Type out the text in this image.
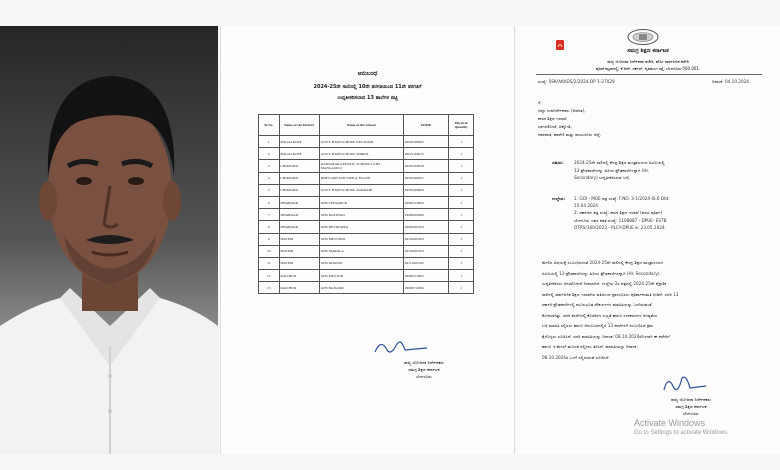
ಅನುಬಂಧ
2024-25ನೇ ಸಾಲಿನಲ್ಲಿ 10ನೇ ತರಗತಿಯಿಂದ 11ನೇ ತರಗತಿಗೆ
ಉನ್ನತೀಕರಿಸಲಾದ 13 ಶಾಲೆಗಳ ಪಟ್ಟಿ
Sl.No.	Name of the District	Name of the School	UDISE	Physical Quantity
1	BAGALKOTE	GOVT. HIGH SCHOOL KELAVADI	29020108202	1
2	BAGALKOTE	GOVT. HIGH SCHOOL SHIROL	29021103015	1
3	CHIKKODI	KARNATAKA PUBLIC SCHOOLS GHS MANGASULI	29301300918	1
4	CHIKKODI	KHPS AND GHS SIMLA TIGADI	29301406101	1
5	CHIKKODI	GOVT. HIGH SCHOOL AWARADI	29301408404	1
6	DHARWAD	GHS VEERAPUR	29090110002	1
7	DHARWAD	GHS KOLIWAD	29090202606	1
8	DHARWAD	GHS DEVIKOPPA	29090302103	1
9	HAVERI	GHS MEVUNDI	29110603103	1
10	HAVERI	GHS MAROLA	29110605103	1
11	HAVERI	GHS KHANGI	29111603102	1
12	RAICHUR	GHS MUSTUR	29060112802	1
13	RAICHUR	GHS BAJGODI	29060712004	1
ರಾಜ್ಯ ಯೋಜನಾ ನಿರ್ದೇಶಕರು
ಸಮಗ್ರ ಶಿಕ್ಷಣ ಕರ್ನಾಟಕ
ಬೆಂಗಳೂರು
ಸಮಗ್ರ ಶಿಕ್ಷಣ ಕರ್ನಾಟಕ
ರಾಜ್ಯ ಯೋಜನಾ ನಿರ್ದೇಶಕರ ಕಚೇರಿ, ಹೊಸ ಸಾರ್ವಜನಿಕ ಕಚೇರಿ
ಪೂರಕ ಕಟ್ಟಡದಲ್ಲಿ, ಕೆ.ಆರ್. ಸರ್ಕಲ್, ನೃಪತುಂಗ ರಸ್ತೆ, ಬೆಂಗಳೂರು-560 001.
ಸಂಖ್ಯೆ: SSK/AKADS/2/2024-DP 1-27029	ದಿನಾಂಕ: 04.10.2024
ಗೆ,
ಜಿಲ್ಲಾ ಉಪನಿರ್ದೇಶಕರು (ಆಡಳಿತ),
ಶಾಲಾ ಶಿಕ್ಷಣ ಇಲಾಖೆ,
ಬಾಗಲಕೋಟೆ, ಚಿಕ್ಕೋಡಿ,
ಧಾರವಾಡ, ಹಾವೇರಿ ಮತ್ತು ರಾಯಚೂರು ಜಿಲ್ಲೆ.
ವಿಷಯ: 2024-25ನೇ ಸಾಲಿನಲ್ಲಿ ಕೇಂದ್ರ ಶಿಕ್ಷಣ ಮಂತ್ರಾಲಯದ ಪಿಎಬಿಯಲ್ಲಿ
13 ಪ್ರೌಢಶಾಲೆಗಳನ್ನು ಹಿರಿಯ ಪ್ರೌಢಶಾಲೆಗಳನ್ನಾಗಿ (Hr.
Secondary) ಉನ್ನತೀಕರಿಸಿರುವ ಬಗ್ಗೆ.
ಉಲ್ಲೇಖ: 1. GOI - MOE ಪತ್ರ ಸಂಖ್ಯೆ: F.NO. 3-1/2024-IS.6 Dtd:
15.04.2024
2. ಸರ್ಕಾರದ ಪತ್ರ ಸಂಖ್ಯೆ: ಶಾಲಾ ಶಿಕ್ಷಣ ಇಲಾಖೆ (ಪದವಿ ಪೂರ್ವ)
ಬೆಂಗಳೂರು ಇವರ ಕಡತ ಸಂಖ್ಯೆ: 1108887 - DPUE- ESTB
OTRS/160/2023 - PLCY-DPUE ದಿ: 23.05.2024.
ಮೇಲಿನ ವಿಷಯಕ್ಕೆ ಸಂಬಂಧಿಸಿದಂತೆ 2024-25ನೇ ಸಾಲಿನಲ್ಲಿ ಕೇಂದ್ರ ಶಿಕ್ಷಣ ಮಂತ್ರಾಲಯದ
ಪಿಎಬಿಯಲ್ಲಿ 13 ಪ್ರೌಢಶಾಲೆಗಳನ್ನು ಹಿರಿಯ ಪ್ರೌಢಶಾಲೆಗಳನ್ನಾಗಿ (Hr. Secondary)
ಉನ್ನತೀಕರಿಸಲು ಅನುಮೋದನೆ ನೀಡಲಾಗಿದೆ. ಉಲ್ಲೇಖ-2ರ ಪತ್ರದಲ್ಲಿ 2024-25ನೇ ಶೈಕ್ಷಣಿಕ
ಸಾಲಿನಲ್ಲಿ ಸಾರ್ವಜನಿಕ ಶಿಕ್ಷಣ ಇಲಾಖೆಯ ವತಿಯಿಂದ ಪ್ರಾರಂಭಿಸಲು ಪೂರ್ವಾನುಮತಿ ನೀಡಿದೆ. ಸದರಿ 13
ಸರ್ಕಾರಿ ಪ್ರೌಢಶಾಲೆಗಳಲ್ಲಿ ಮೂಲಭೂತ ಸೌಕರ್ಯಗಳ ಮಾಹಿತಿಯನ್ನು ಒದಗಿಸುವಂತೆ
ಕೋರಲಾಗಿತ್ತು. ಸದರಿ ಶಾಲೆಗಳಲ್ಲಿ ಕೊಠಡಿಗಳ ಲಭ್ಯತೆ ಹಾಗೂ ಉಪಕರಣಗಳ ಅಗತ್ಯತೆಯ
ಬಗ್ಗೆ ಮಾಹಿತಿ ಸಲ್ಲಿಸಲು ಹಾಗೂ ಅನುಬಂಧದಲ್ಲಿನ 13 ಶಾಲೆಗಳಿಗೆ ಸಂಬಂಧಿಸಿದ ಕ್ರಮ
ಕೈಗೊಳ್ಳಲು ಸೂಚಿಸಿದೆ. ಸದರಿ ಮಾಹಿತಿಯನ್ನು ದಿನಾಂಕ: 08.10.2024ರೊಳಗಾಗಿ ಈ ಕಚೇರಿಗೆ
ಹಾಗೂ ಇ-ಮೇಲ್ ಮೂಲಕ ಸಲ್ಲಿಸಲು ತಿಳಿಸಿದೆ. ಮಾಹಿತಿಯನ್ನು ದಿನಾಂಕ:
08.10.2024ರ ಒಳಗೆ ಸಲ್ಲಿಸುವಂತೆ ಸೂಚಿಸಿದೆ.
ರಾಜ್ಯ ಯೋಜನಾ ನಿರ್ದೇಶಕರು
ಸಮಗ್ರ ಶಿಕ್ಷಣ ಕರ್ನಾಟಕ
ಬೆಂಗಳೂರು
Activate Windows
Go to Settings to activate Windows.
